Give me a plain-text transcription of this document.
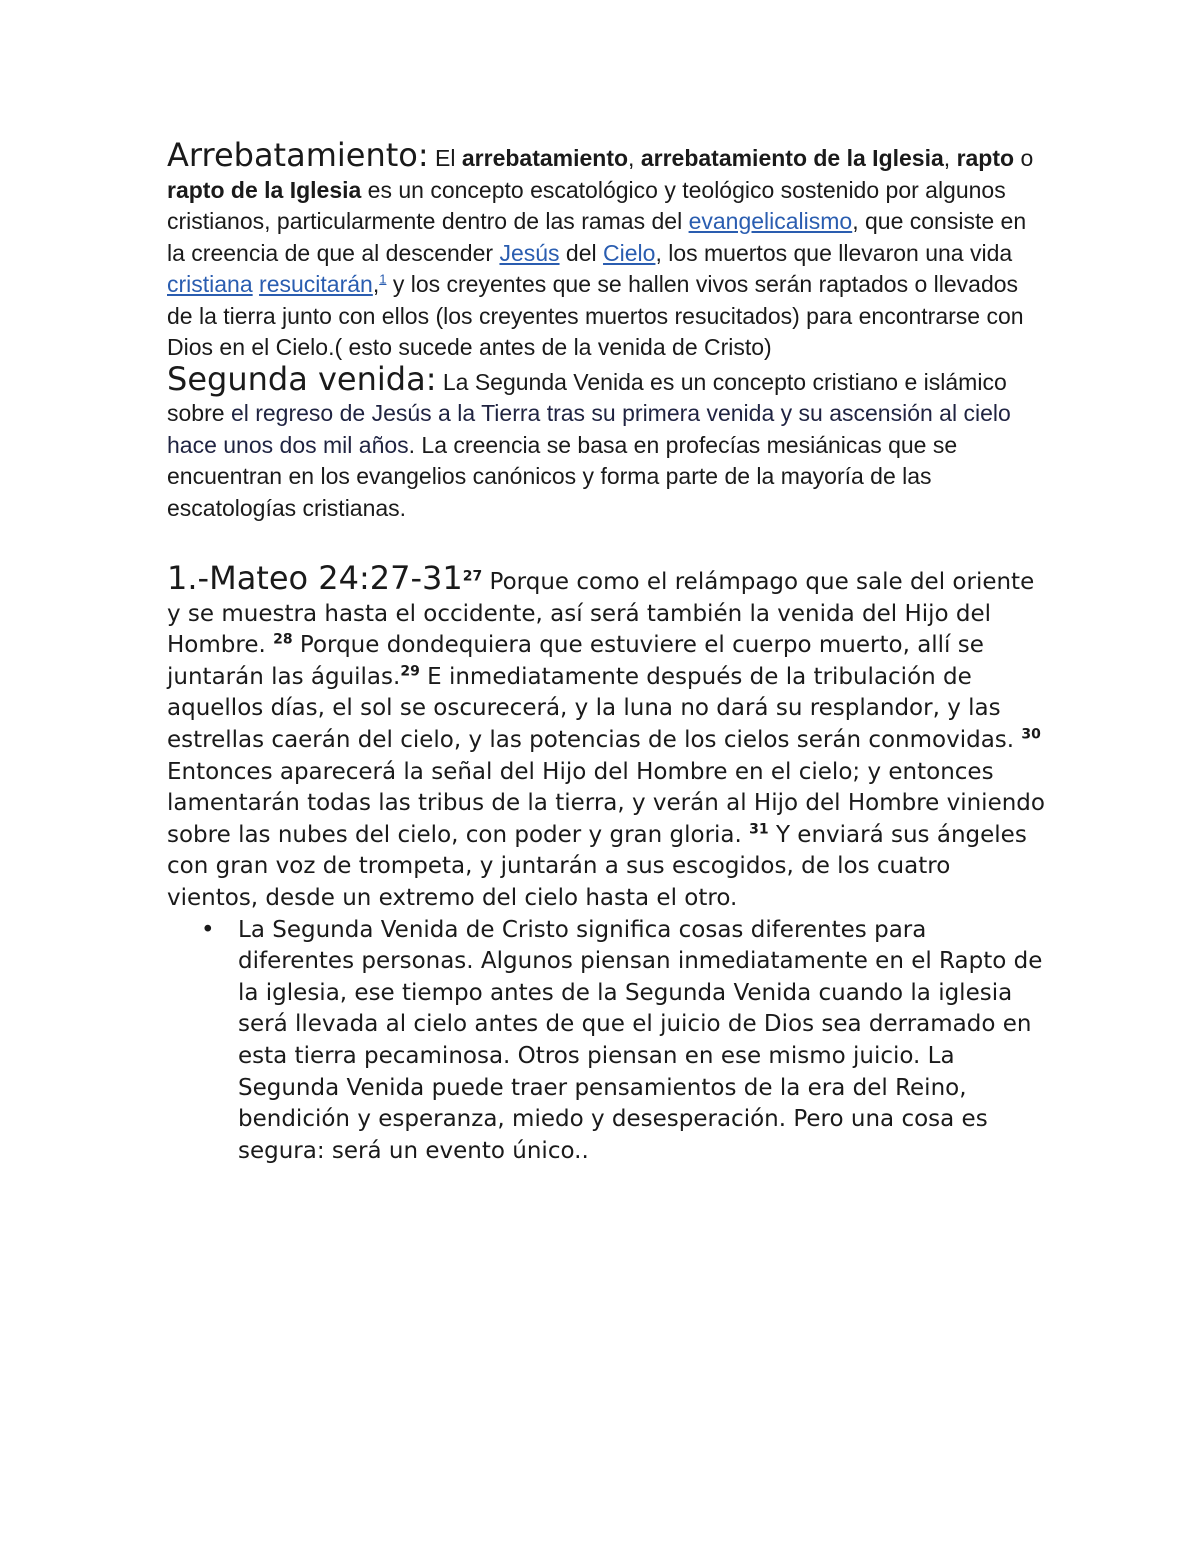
Arrebatamiento: El arrebatamiento, arrebatamiento de la Iglesia, rapto o rapto de la Iglesia es un concepto escatológico y teológico sostenido por algunos cristianos, particularmente dentro de las ramas del evangelicalismo, que consiste en la creencia de que al descender Jesús del Cielo, los muertos que llevaron una vida cristiana resucitarán,$^1$ y los creyentes que se hallen vivos serán raptados o llevados de la tierra junto con ellos (los creyentes muertos resucitados) para encontrarse con Dios en el Cielo.( esto sucede antes de la venida de Cristo)

Segunda venida: La Segunda Venida es un concepto cristiano e islámico sobre el regreso de Jesús a la Tierra tras su primera venida y su ascensión al cielo hace unos dos mil años. La creencia se basa en profecías mesiánicas que se encuentran en los evangelios canónicos y forma parte de la mayoría de las escatologías cristianas.

1.-Mateo $24:27-31^{27}$ Porque como el relámpago que sale del oriente y se muestra hasta el occidente, así será también la venida del Hijo del Hombre. $^{28}$ Porque dondequiera que estuviere el cuerpo muerto, allí se juntarán las águilas.$^{29}$ E inmediatamente después de la tribulación de aquellos días, el sol se oscurecerá, y la luna no dará su resplandor, y las estrellas caerán del cielo, y las potencias de los cielos serán conmovidas. $^{30}$ Entonces aparecerá la señal del Hijo del Hombre en el cielo; y entonces lamentarán todas las tribus de la tierra, y verán al Hijo del Hombre viniendo sobre las nubes del cielo, con poder y gran gloria. $^{31}$ Y enviará sus ángeles con gran voz de trompeta, y juntarán a sus escogidos, de los cuatro vientos, desde un extremo del cielo hasta el otro.

• La Segunda Venida de Cristo significa cosas diferentes para diferentes personas. Algunos piensan inmediatamente en el Rapto de la iglesia, ese tiempo antes de la Segunda Venida cuando la iglesia será llevada al cielo antes de que el juicio de Dios sea derramado en esta tierra pecaminosa. Otros piensan en ese mismo juicio. La Segunda Venida puede traer pensamientos de la era del Reino, bendición y esperanza, miedo y desesperación. Pero una cosa es segura: será un evento único..
